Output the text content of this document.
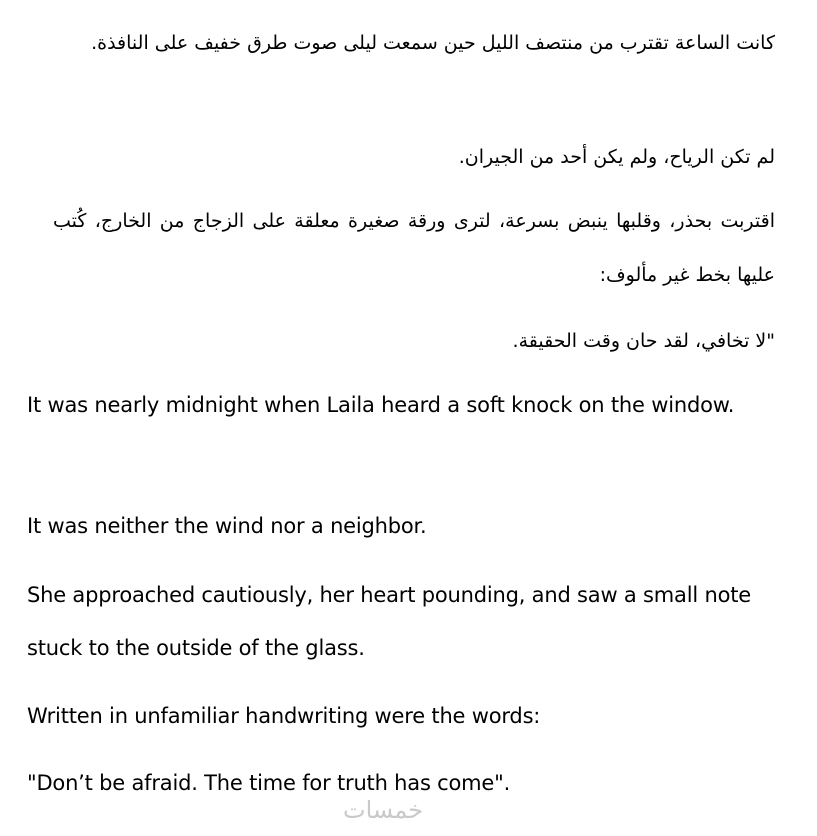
كانت الساعة تقترب من منتصف الليل حين سمعت ليلى صوت طرق خفيف على النافذة.

لم تكن الرياح، ولم يكن أحد من الجيران.

اقتربت بحذر، وقلبها ينبض بسرعة، لترى ورقة صغيرة معلقة على الزجاج من الخارج، كُتب عليها بخط غير مألوف:

"لا تخافي، لقد حان وقت الحقيقة.

It was nearly midnight when Laila heard a soft knock on the window.

It was neither the wind nor a neighbor.

She approached cautiously, her heart pounding, and saw a small note stuck to the outside of the glass.

Written in unfamiliar handwriting were the words:

"Don’t be afraid. The time for truth has come".

خمسات
